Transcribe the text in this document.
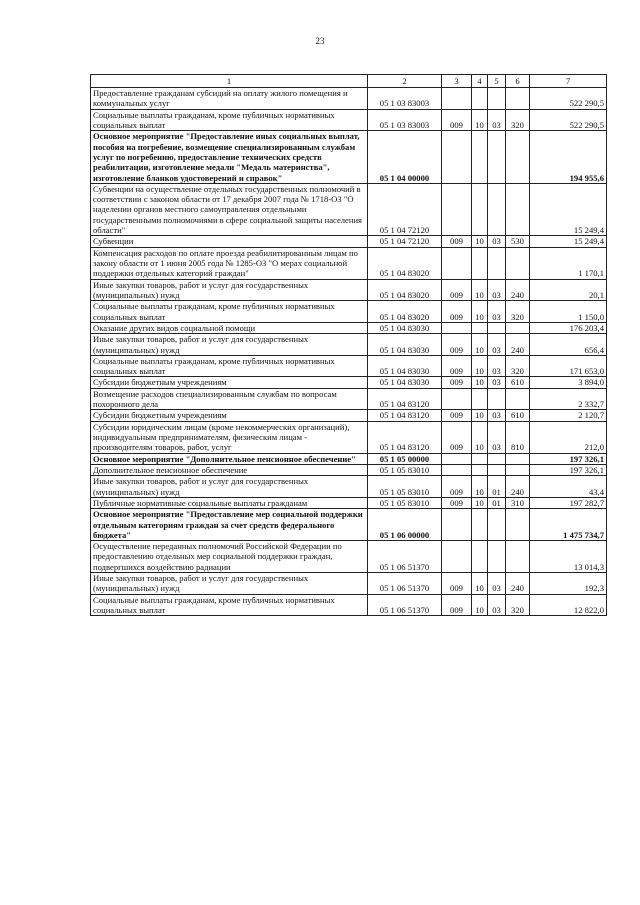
23
1	2	3	4	5	6	7
Предоставление гражданам субсидий на оплату жилого помещения и коммунальных услуг	05 1 03 83003					522 290,5
Социальные выплаты гражданам, кроме публичных нормативных социальных выплат	05 1 03 83003	009	10	03	320	522 290,5
Основное мероприятие "Предоставление иных социальных выплат, пособия на погребение, возмещение специализированным службам услуг по погребению, предоставление технических средств реабилитации, изготовление медали "Медаль материнства", изготовление бланков удостоверений и справок"	05 1 04 00000					194 955,6
Субвенции на осуществление отдельных государственных полномочий в соответствии с законом области от 17 декабря 2007 года № 1718-ОЗ "О наделении органов местного самоуправления отдельными государственными полномочиями в сфере социальной защиты населения области"	05 1 04 72120					15 249,4
Субвенции	05 1 04 72120	009	10	03	530	15 249,4
Компенсация расходов по оплате проезда реабилитированным лицам по закону области от 1 июня 2005 года № 1285-ОЗ "О мерах социальной поддержки отдельных категорий граждан"	05 1 04 83020					1 170,1
Иные закупки товаров, работ и услуг для государственных (муниципальных) нужд	05 1 04 83020	009	10	03	240	20,1
Социальные выплаты гражданам, кроме публичных нормативных социальных выплат	05 1 04 83020	009	10	03	320	1 150,0
Оказание других видов социальной помощи	05 1 04 83030					176 203,4
Иные закупки товаров, работ и услуг для государственных (муниципальных) нужд	05 1 04 83030	009	10	03	240	656,4
Социальные выплаты гражданам, кроме публичных нормативных социальных выплат	05 1 04 83030	009	10	03	320	171 653,0
Субсидии бюджетным учреждениям	05 1 04 83030	009	10	03	610	3 894,0
Возмещение расходов специализированным службам по вопросам похоронного дела	05 1 04 83120					2 332,7
Субсидии бюджетным учреждениям	05 1 04 83120	009	10	03	610	2 120,7
Субсидии юридическим лицам (кроме некоммерческих организаций), индивидуальным предпринимателям, физическим лицам - производителям товаров, работ, услуг	05 1 04 83120	009	10	03	810	212,0
Основное мероприятие "Дополнительное пенсионное обеспечение"	05 1 05 00000					197 326,1
Дополнительное пенсионное обеспечение	05 1 05 83010					197 326,1
Иные закупки товаров, работ и услуг для государственных (муниципальных) нужд	05 1 05 83010	009	10	01	240	43,4
Публичные нормативные социальные выплаты гражданам	05 1 05 83010	009	10	01	310	197 282,7
Основное мероприятие "Предоставление мер социальной поддержки отдельным категориям граждан за счет средств федерального бюджета"	05 1 06 00000					1 475 734,7
Осуществление переданных полномочий Российской Федерации по предоставлению отдельных мер социальной поддержки граждан, подвергшихся воздействию радиации	05 1 06 51370					13 014,3
Иные закупки товаров, работ и услуг для государственных (муниципальных) нужд	05 1 06 51370	009	10	03	240	192,3
Социальные выплаты гражданам, кроме публичных нормативных социальных выплат	05 1 06 51370	009	10	03	320	12 822,0
